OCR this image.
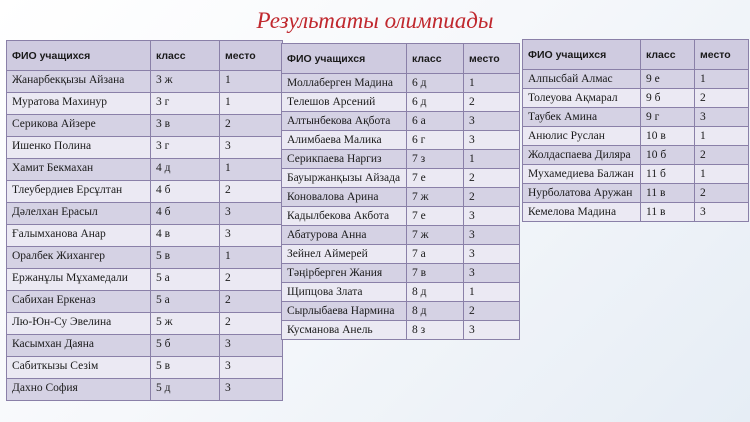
Результаты олимпиады
ФИО учащихся	класс	место
Жанарбекқызы Айзана	3 ж	1
Муратова Махинур	3 г	1
Серикова Айзере	3 в	2
Ишенко Полина	3 г	3
Хамит Бекмахан	4 д	1
Тлеубердиев Ерсұлтан	4 б	2
Дәлелхан Ерасыл	4 б	3
Ғалымханова Анар	4 в	3
Оралбек Жихангер	5 в	1
Ержанұлы Мұхамедали	5 а	2
Сабихан Еркеназ	5 а	2
Лю-Юн-Су Эвелина	5 ж	2
Касымхан Даяна	5 б	3
Сабиткызы Сезім	5 в	3
Дахно София	5 д	3
ФИО учащихся	класс	место
Моллаберген Мадина	6 д	1
Телешов Арсений	6 д	2
Алтынбекова Ақбота	6 а	3
Алимбаева Малика	6 г	3
Серикпаева Наргиз	7 з	1
Бауыржанқызы Айзада	7 е	2
Коновалова Арина	7 ж	2
Кадылбекова Акбота	7 е	3
Абатурова Анна	7 ж	3
Зейнел Аймерей	7 а	3
Тәңірберген Жания	7 в	3
Щипцова Злата	8 д	1
Сырлыбаева Нармина	8 д	2
Кусманова Анель	8 з	3
ФИО учащихся	класс	место
Алпысбай Алмас	9 е	1
Толеуова Ақмарал	9 б	2
Таубек Амина	9 г	3
Анюлис Руслан	10 в	1
Жолдаспаева Диляра	10 б	2
Мухамедиева Балжан	11 б	1
Нурболатова Аружан	11 в	2
Кемелова Мадина	11 в	3
